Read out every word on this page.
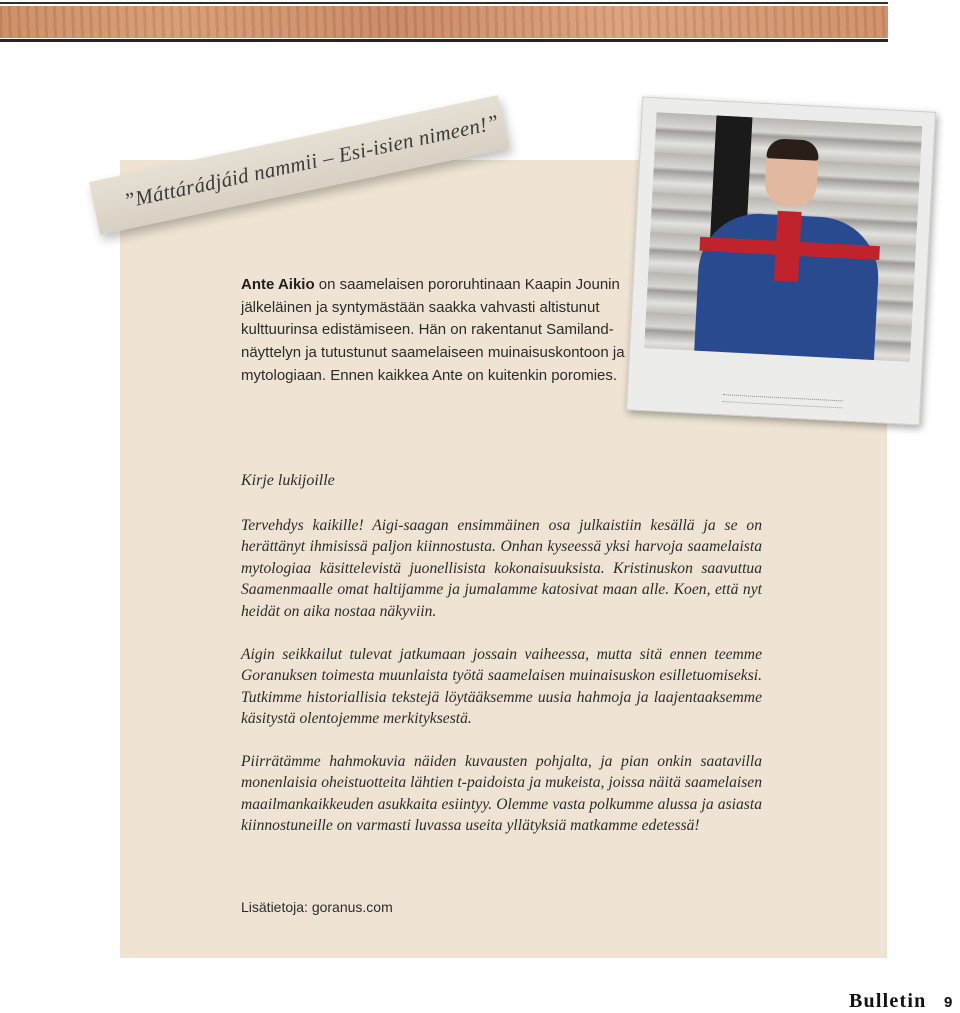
”Máttárádjáid nammii – Esi-isien nimeen!”

Ante Aikio on saamelaisen pororuhtinaan Kaapin Jounin jälkeläinen ja syntymästään saakka vahvasti altistunut kulttuurinsa edistämiseen. Hän on rakentanut Samiland-näyttelyn ja tutustunut saamelaiseen muinaisuskontoon ja mytologiaan. Ennen kaikkea Ante on kuitenkin poromies.

Kirje lukijoille

Tervehdys kaikille! Aigi-saagan ensimmäinen osa julkaistiin kesällä ja se on herättänyt ihmisissä paljon kiinnostusta. Onhan kyseessä yksi harvoja saamelaista mytologiaa käsittelevistä juonellisista kokonaisuuksista. Kristinuskon saavuttua Saamenmaalle omat haltijamme ja jumalamme katosivat maan alle. Koen, että nyt heidät on aika nostaa näkyviin.

Aigin seikkailut tulevat jatkumaan jossain vaiheessa, mutta sitä ennen teemme Goranuksen toimesta muunlaista työtä saamelaisen muinaisuskon esilletuomiseksi. Tutkimme historiallisia tekstejä löytääksemme uusia hahmoja ja laajentaaksemme käsitystä olentojemme merkityksestä.

Piirrätämme hahmokuvia näiden kuvausten pohjalta, ja pian onkin saatavilla monenlaisia oheistuotteita lähtien t-paidoista ja mukeista, joissa näitä saamelaisen maailmankaikkeuden asukkaita esiintyy. Olemme vasta polkumme alussa ja asiasta kiinnostuneille on varmasti luvassa useita yllätyksiä matkamme edetessä!

Lisätietoja: goranus.com

Bulletin 9
